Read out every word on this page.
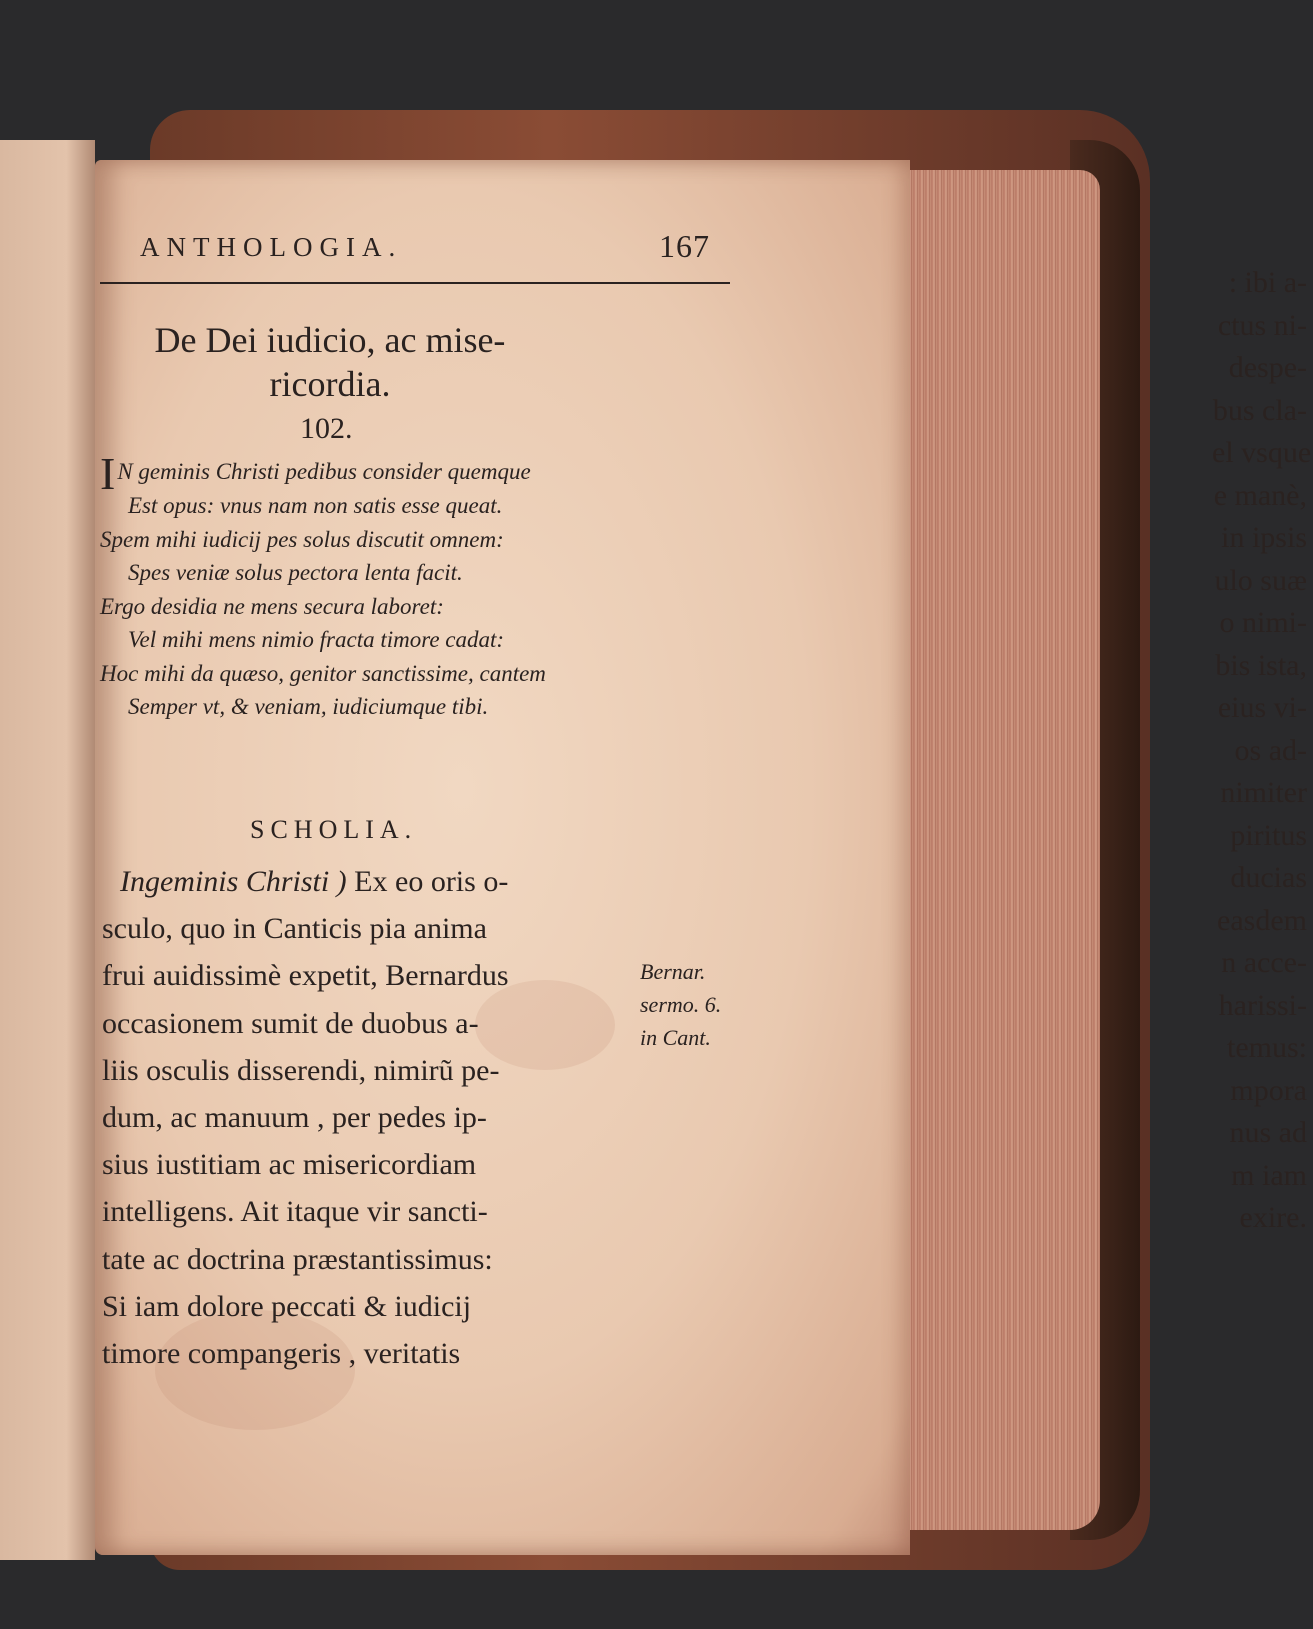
: ibi a-
ctus ni-
despe-
bus cla-
el vsque
e manè,
in ipsis
ulo suæ
o nimi-
bis ista,
eius vi-
os ad-
nimiter
piritus
ducias
easdem
n acce-
harissi-
temus:
mpora
nus ad
m iam
exire.
ANTHOLOGIA.	167
De Dei iudicio, ac mise-
ricordia.
102.
IN geminis Christi pedibus consider quemque
Est opus: vnus nam non satis esse queat.
Spem mihi iudicij pes solus discutit omnem:
Spes veniæ solus pectora lenta facit.
Ergo desidia ne mens secura laboret:
Vel mihi mens nimio fracta timore cadat:
Hoc mihi da quæso, genitor sanctissime, cantem
Semper vt, & veniam, iudiciumque tibi.
SCHOLIA.
Ingeminis Christi ) Ex eo oris o-
sculo, quo in Canticis pia anima
frui auidissimè expetit, Bernardus
occasionem sumit de duobus a-
liis osculis disserendi, nimirũ pe-
dum, ac manuum , per pedes ip-
sius iustitiam ac misericordiam
intelligens. Ait itaque vir sancti-
tate ac doctrina præstantissimus:
Si iam dolore peccati & iudicij
timore compangeris , veritatis
Bernar.
sermo. 6.
in Cant.
